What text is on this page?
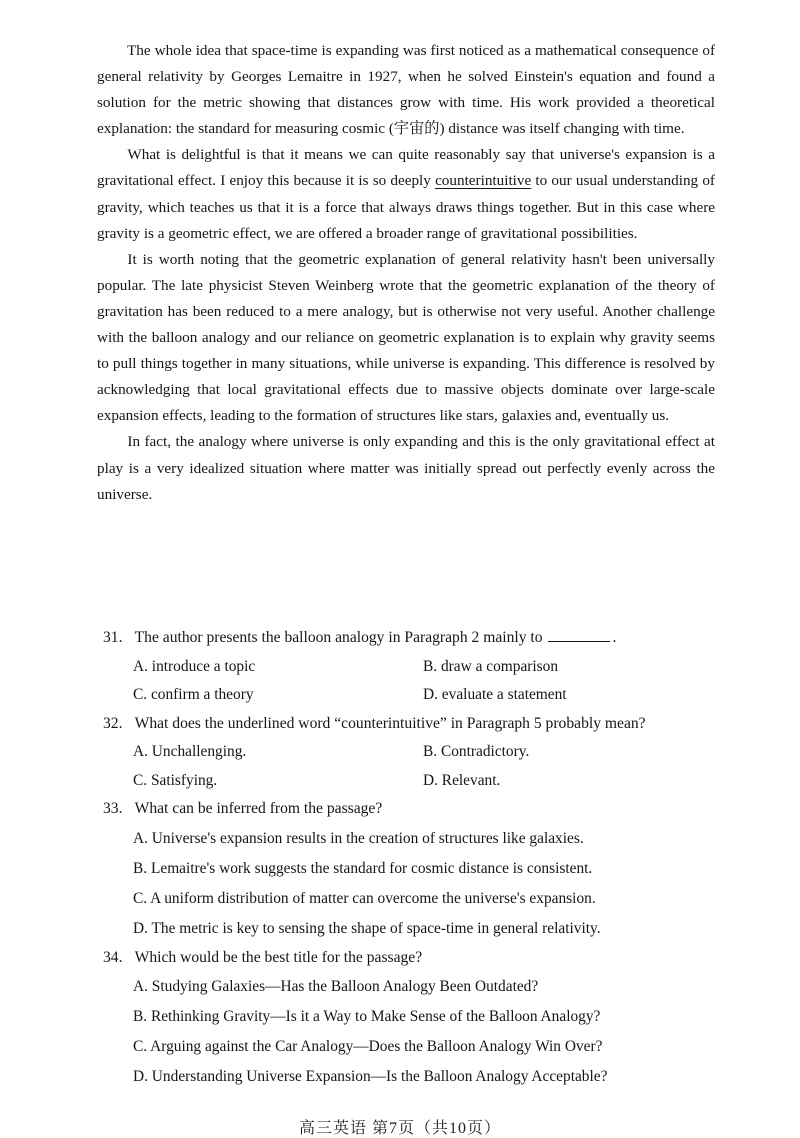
The whole idea that space-time is expanding was first noticed as a mathematical consequence of general relativity by Georges Lemaitre in 1927, when he solved Einstein's equation and found a solution for the metric showing that distances grow with time. His work provided a theoretical explanation: the standard for measuring cosmic (宇宙的) distance was itself changing with time.

What is delightful is that it means we can quite reasonably say that universe's expansion is a gravitational effect. I enjoy this because it is so deeply counterintuitive to our usual understanding of gravity, which teaches us that it is a force that always draws things together. But in this case where gravity is a geometric effect, we are offered a broader range of gravitational possibilities.

It is worth noting that the geometric explanation of general relativity hasn't been universally popular. The late physicist Steven Weinberg wrote that the geometric explanation of the theory of gravitation has been reduced to a mere analogy, but is otherwise not very useful. Another challenge with the balloon analogy and our reliance on geometric explanation is to explain why gravity seems to pull things together in many situations, while universe is expanding. This difference is resolved by acknowledging that local gravitational effects due to massive objects dominate over large-scale expansion effects, leading to the formation of structures like stars, galaxies and, eventually us.

In fact, the analogy where universe is only expanding and this is the only gravitational effect at play is a very idealized situation where matter was initially spread out perfectly evenly across the universe.

31. The author presents the balloon analogy in Paragraph 2 mainly to	.

A. introduce a topic	B. draw a comparison

C. confirm a theory	D. evaluate a statement

32. What does the underlined word “counterintuitive” in Paragraph 5 probably mean?

A. Unchallenging.	B. Contradictory.

C. Satisfying.	D. Relevant.

33. What can be inferred from the passage?

A. Universe's expansion results in the creation of structures like galaxies.

B. Lemaitre's work suggests the standard for cosmic distance is consistent.

C. A uniform distribution of matter can overcome the universe's expansion.

D. The metric is key to sensing the shape of space-time in general relativity.

34. Which would be the best title for the passage?

A. Studying Galaxies—Has the Balloon Analogy Been Outdated?

B. Rethinking Gravity—Is it a Way to Make Sense of the Balloon Analogy?

C. Arguing against the Car Analogy—Does the Balloon Analogy Win Over?

D. Understanding Universe Expansion—Is the Balloon Analogy Acceptable?

高三英语 第7页（共10页）
